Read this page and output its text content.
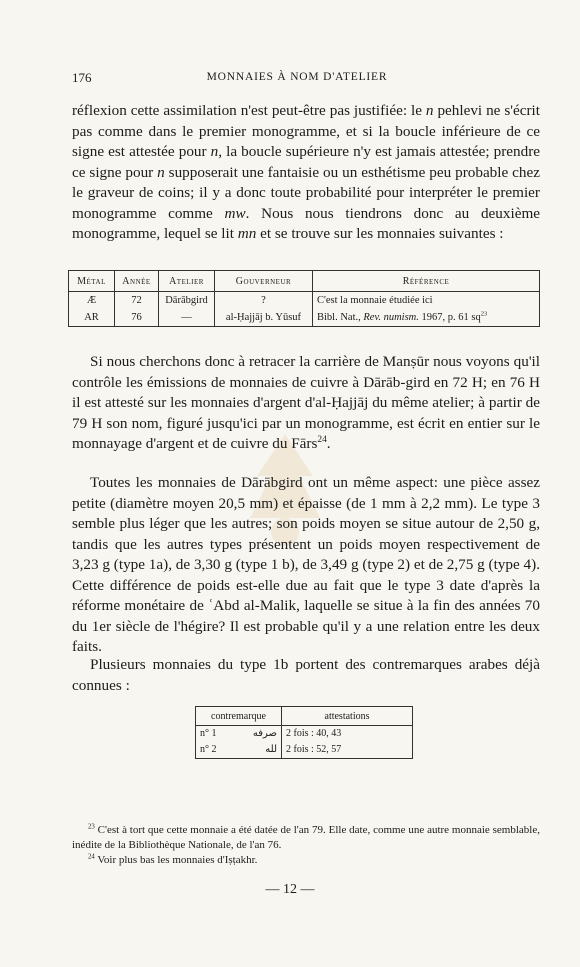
176	MONNAIES À NOM D'ATELIER

réflexion cette assimilation n'est peut-être pas justifiée: le n pehlevi ne s'écrit pas comme dans le premier monogramme, et si la boucle inférieure de ce signe est attestée pour n, la boucle supérieure n'y est jamais attestée; prendre ce signe pour n supposerait une fantaisie ou un esthétisme peu probable chez le graveur de coins; il y a donc toute probabilité pour interpréter le premier monogramme comme mw. Nous nous tiendrons donc au deuxième monogramme, lequel se lit mn et se trouve sur les monnaies suivantes :

Métal	Année	Atelier	Gouverneur	Référence
Æ	72	Dārābgird	?	C'est la monnaie étudiée ici
AR	76	—	al-Ḥajjāj b. Yūsuf	Bibl. Nat., Rev. numism. 1967, p. 61 $sq^{23}$

Si nous cherchons donc à retracer la carrière de Manṣūr nous voyons qu'il contrôle les émissions de monnaies de cuivre à Dārāb-gird en 72 H; en 76 H il est attesté sur les monnaies d'argent d'al-Ḥajjāj du même atelier; à partir de 79 H son nom, figuré jusqu'ici par un monogramme, est écrit en entier sur le monnayage d'argent et de cuivre du Fārs$^{24}$.

Toutes les monnaies de Dārābgird ont un même aspect: une pièce assez petite (diamètre moyen 20,5 mm) et épaisse (de 1 mm à 2,2 mm). Le type 3 semble plus léger que les autres; son poids moyen se situe autour de 2,50 g, tandis que les autres types présentent un poids moyen respectivement de 3,23 g (type 1a), de 3,30 g (type 1 b), de 3,49 g (type 2) et de 2,75 g (type 4). Cette différence de poids est-elle due au fait que le type 3 date d'après la réforme monétaire de ʿAbd al-Malik, laquelle se situe à la fin des années 70 du 1er siècle de l'hégire? Il est probable qu'il y a une relation entre les deux faits.

Plusieurs monnaies du type 1b portent des contremarques arabes déjà connues :

contremarque	attestations
n° 1 صرفه	2 fois : 40, 43
n° 2 لله	2 fois : 52, 57

$^{23}$ C'est à tort que cette monnaie a été datée de l'an 79. Elle date, comme une autre monnaie semblable, inédite de la Bibliothèque Nationale, de l'an 76.

$^{24}$ Voir plus bas les monnaies d'Iṣṭakhr.

— 12 —
